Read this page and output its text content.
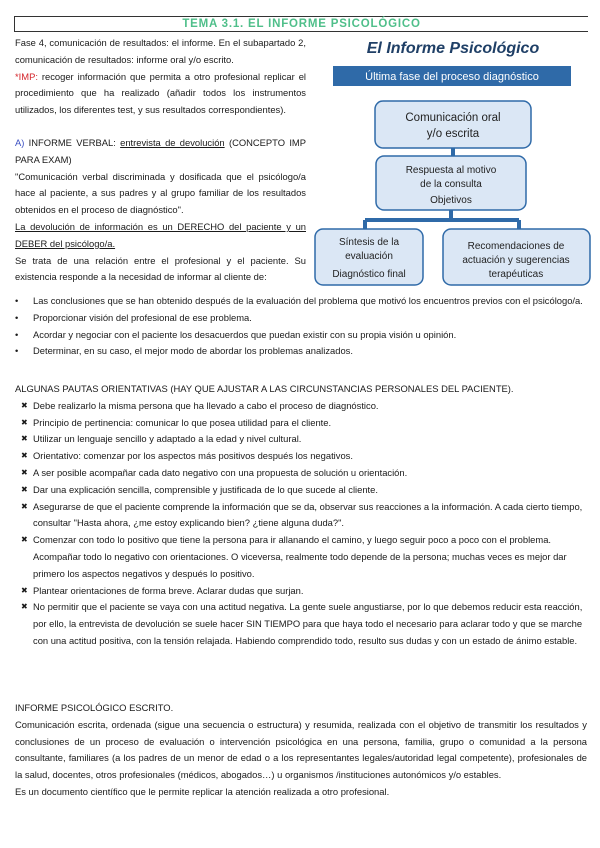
TEMA 3.1. EL INFORME PSICOLÓGICO

Fase 4, comunicación de resultados: el informe. En el subapartado 2, comunicación de resultados: informe oral y/o escrito.

*IMP: recoger información que permita a otro profesional replicar el procedimiento que ha realizado (añadir todos los instrumentos utilizados, los diferentes test, y sus resultados correspondientes).

A) INFORME VERBAL: entrevista de devolución (CONCEPTO IMP PARA EXAM)

"Comunicación verbal discriminada y dosificada que el psicólogo/a hace al paciente, a sus padres y al grupo familiar de los resultados obtenidos en el proceso de diagnóstico".

La devolución de información es un DERECHO del paciente y un DEBER del psicólogo/a.

Se trata de una relación entre el profesional y el paciente. Su existencia responde a la necesidad de informar al cliente de:

El Informe Psicológico
Última fase del proceso diagnóstico
Comunicación oral
y/o escrita
Respuesta al motivo
de la consulta
Objetivos
Síntesis de la
evaluación
Diagnóstico final
Recomendaciones de
actuación y sugerencias
terapéuticas
• Las conclusiones que se han obtenido después de la evaluación del problema que motivó los encuentros previos con el psicólogo/a.
• Proporcionar visión del profesional de ese problema.
• Acordar y negociar con el paciente los desacuerdos que puedan existir con su propia visión u opinión.
• Determinar, en su caso, el mejor modo de abordar los problemas analizados.

ALGUNAS PAUTAS ORIENTATIVAS (HAY QUE AJUSTAR A LAS CIRCUNSTANCIAS PERSONALES DEL PACIENTE).

✖ Debe realizarlo la misma persona que ha llevado a cabo el proceso de diagnóstico.
✖ Principio de pertinencia: comunicar lo que posea utilidad para el cliente.
✖ Utilizar un lenguaje sencillo y adaptado a la edad y nivel cultural.
✖ Orientativo: comenzar por los aspectos más positivos después los negativos.
✖ A ser posible acompañar cada dato negativo con una propuesta de solución u orientación.
✖ Dar una explicación sencilla, comprensible y justificada de lo que sucede al cliente.
✖ Asegurarse de que el paciente comprende la información que se da, observar sus reacciones a la información. A cada cierto tiempo, consultar "Hasta ahora, ¿me estoy explicando bien? ¿tiene alguna duda?".
✖ Comenzar con todo lo positivo que tiene la persona para ir allanando el camino, y luego seguir poco a poco con el problema. Acompañar todo lo negativo con orientaciones. O viceversa, realmente todo depende de la persona; muchas veces es mejor dar primero los aspectos negativos y después lo positivo.
✖ Plantear orientaciones de forma breve. Aclarar dudas que surjan.
✖ No permitir que el paciente se vaya con una actitud negativa. La gente suele angustiarse, por lo que debemos reducir esta reacción, por ello, la entrevista de devolución se suele hacer SIN TIEMPO para que haya todo el necesario para aclarar todo y que se marche con una actitud positiva, con la tensión relajada. Habiendo comprendido todo, resulto sus dudas y con un estado de ánimo estable.

INFORME PSICOLÓGICO ESCRITO.

Comunicación escrita, ordenada (sigue una secuencia o estructura) y resumida, realizada con el objetivo de transmitir los resultados y conclusiones de un proceso de evaluación o intervención psicológica en una persona, familia, grupo o comunidad a la persona consultante, familiares (a los padres de un menor de edad o a los representantes legales/autoridad legal competente), profesionales de la salud, docentes, otros profesionales (médicos, abogados…) u organismos /instituciones autonómicos y/o estables.

Es un documento científico que le permite replicar la atención realizada a otro profesional.
